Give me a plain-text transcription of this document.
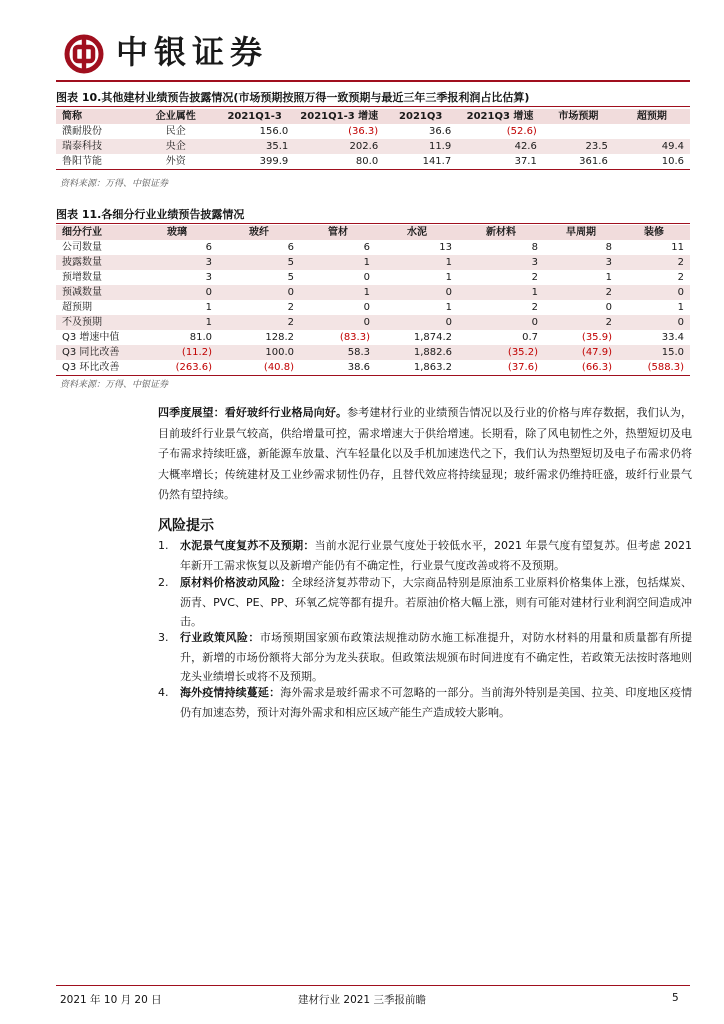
中银证券
图表 10.其他建材业绩预告披露情况(市场预期按照万得一致预期与最近三年三季报利润占比估算)
简称	企业属性	2021Q1-3	2021Q1-3 增速	2021Q3	2021Q3 增速	市场预期	超预期
濮耐股份	民企	156.0	(36.3)	36.6	(52.6)		
瑞泰科技	央企	35.1	202.6	11.9	42.6	23.5	49.4
鲁阳节能	外资	399.9	80.0	141.7	37.1	361.6	10.6
资料来源：万得、中银证券
图表 11.各细分行业业绩预告披露情况
细分行业	玻璃	玻纤	管材	水泥	新材料	早周期	装修
公司数量	6	6	6	13	8	8	11
披露数量	3	5	1	1	3	3	2
预增数量	3	5	0	1	2	1	2
预减数量	0	0	1	0	1	2	0
超预期	1	2	0	1	2	0	1
不及预期	1	2	0	0	0	2	0
Q3 增速中值	81.0	128.2	(83.3)	1,874.2	0.7	(35.9)	33.4
Q3 同比改善	(11.2)	100.0	58.3	1,882.6	(35.2)	(47.9)	15.0
Q3 环比改善	(263.6)	(40.8)	38.6	1,863.2	(37.6)	(66.3)	(588.3)
资料来源：万得、中银证券
四季度展望：看好玻纤行业格局向好。参考建材行业的业绩预告情况以及行业的价格与库存数据，我们认为，目前玻纤行业景气较高，供给增量可控，需求增速大于供给增速。长期看，除了风电韧性之外，热塑短切及电子布需求持续旺盛，新能源车放量、汽车轻量化以及手机加速迭代之下，我们认为热塑短切及电子布需求仍将大概率增长；传统建材及工业纱需求韧性仍存，且替代效应将持续显现；玻纤需求仍维持旺盛，玻纤行业景气仍然有望持续。
风险提示
1.	水泥景气度复苏不及预期：当前水泥行业景气度处于较低水平，2021 年景气度有望复苏。但考虑 2021 年新开工需求恢复以及新增产能仍有不确定性，行业景气度改善或将不及预期。
2.	原材料价格波动风险：全球经济复苏带动下，大宗商品特别是原油系工业原料价格集体上涨，包括煤炭、沥青、PVC、PE、PP、环氧乙烷等都有提升。若原油价格大幅上涨，则有可能对建材行业利润空间造成冲击。
3.	行业政策风险：市场预期国家颁布政策法规推动防水施工标准提升，对防水材料的用量和质量都有所提升，新增的市场份额将大部分为龙头获取。但政策法规颁布时间进度有不确定性，若政策无法按时落地则龙头业绩增长或将不及预期。
4.	海外疫情持续蔓延：海外需求是玻纤需求不可忽略的一部分。当前海外特别是美国、拉美、印度地区疫情仍有加速态势，预计对海外需求和相应区域产能生产造成较大影响。
2021 年 10 月 20 日	建材行业 2021 三季报前瞻	5
